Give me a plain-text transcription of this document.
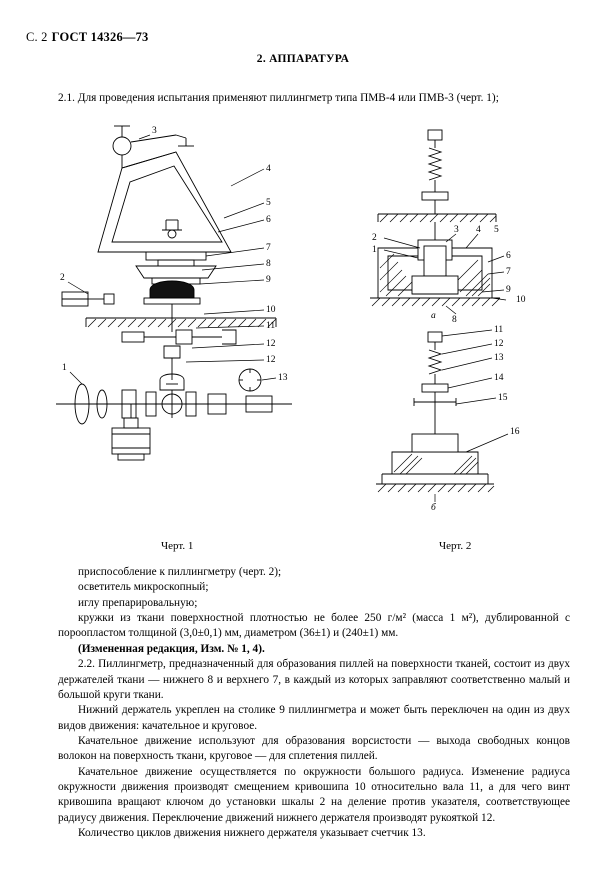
С. 2 ГОСТ 14326—73
2. АППАРАТУРА
2.1. Для проведения испытания применяют пиллингметр типа ПМВ-4 или ПМВ-3 (черт. 1);
3
4
5
6
7
8
9
10
11
12
12
13
2
1
2
1
3 4 5
6
7
9
10
8
11
12
13
14
15
16
а
б
Черт. 1	Черт. 2

приспособление к пиллингметру (черт. 2);

осветитель микроскопный;

иглу препарировальную;

кружки из ткани поверхностной плотностью не более 250 г/м² (масса 1 м²), дублированной с пороопластом толщиной (3,0±0,1) мм, диаметром (36±1) и (240±1) мм.

(Измененная редакция, Изм. № 1, 4).

2.2. Пиллингметр, предназначенный для образования пиллей на поверхности тканей, состоит из двух держателей ткани — нижнего 8 и верхнего 7, в каждый из которых заправляют соответственно малый и большой круги ткани.

Нижний держатель укреплен на столике 9 пиллингметра и может быть переключен на один из двух видов движения: качательное и круговое.

Качательное движение используют для образования ворсистости — выхода свободных концов волокон на поверхность ткани, круговое — для сплетения пиллей.

Качательное движение осуществляется по окружности большого радиуса. Изменение радиуса окружности движения производят смещением кривошипа 10 относительно вала 11, а для чего винт кривошипа вращают ключом до установки шкалы 2 на деление против указателя, соответствующее радиусу движения. Переключение движений нижнего держателя производят рукояткой 12.

Количество циклов движения нижнего держателя указывает счетчик 13.
